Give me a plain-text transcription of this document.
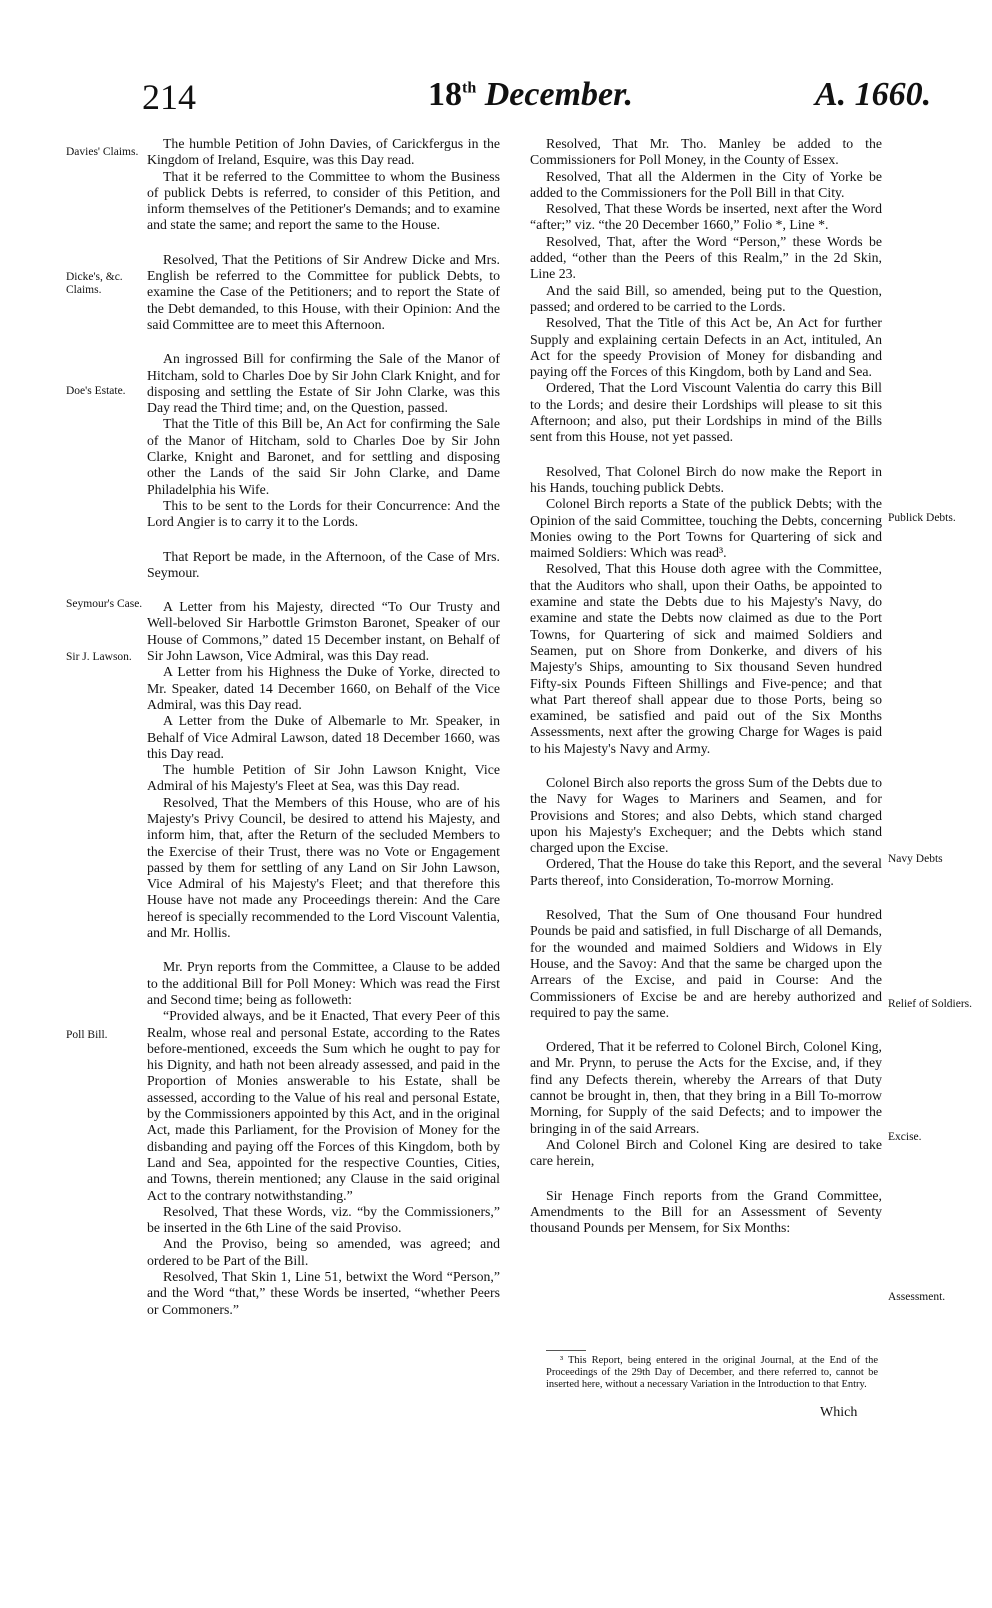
214	18th December.	A. 1660.
Davies' Claims.
Dicke's, &c. Claims.
Doe's Estate.
Seymour's Case.
Sir J. Lawson.
Poll Bill.
Publick Debts.
Navy Debts
Relief of Soldiers.
Excise.
Assessment.

The humble Petition of John Davies, of Carickfergus in the Kingdom of Ireland, Esquire, was this Day read.

That it be referred to the Committee to whom the Business of publick Debts is referred, to consider of this Petition, and inform themselves of the Petitioner's Demands; and to examine and state the same; and report the same to the House.

Resolved, That the Petitions of Sir Andrew Dicke and Mrs. English be referred to the Committee for publick Debts, to examine the Case of the Petitioners; and to report the State of the Debt demanded, to this House, with their Opinion: And the said Committee are to meet this Afternoon.

An ingrossed Bill for confirming the Sale of the Manor of Hitcham, sold to Charles Doe by Sir John Clark Knight, and for disposing and settling the Estate of Sir John Clarke, was this Day read the Third time; and, on the Question, passed.

That the Title of this Bill be, An Act for confirming the Sale of the Manor of Hitcham, sold to Charles Doe by Sir John Clarke, Knight and Baronet, and for settling and disposing other the Lands of the said Sir John Clarke, and Dame Philadelphia his Wife.

This to be sent to the Lords for their Concurrence: And the Lord Angier is to carry it to the Lords.

That Report be made, in the Afternoon, of the Case of Mrs. Seymour.

A Letter from his Majesty, directed “To Our Trusty and Well-beloved Sir Harbottle Grimston Baronet, Speaker of our House of Commons,” dated 15 December instant, on Behalf of Sir John Lawson, Vice Admiral, was this Day read.

A Letter from his Highness the Duke of Yorke, directed to Mr. Speaker, dated 14 December 1660, on Behalf of the Vice Admiral, was this Day read.

A Letter from the Duke of Albemarle to Mr. Speaker, in Behalf of Vice Admiral Lawson, dated 18 December 1660, was this Day read.

The humble Petition of Sir John Lawson Knight, Vice Admiral of his Majesty's Fleet at Sea, was this Day read.

Resolved, That the Members of this House, who are of his Majesty's Privy Council, be desired to attend his Majesty, and inform him, that, after the Return of the secluded Members to the Exercise of their Trust, there was no Vote or Engagement passed by them for settling of any Land on Sir John Lawson, Vice Admiral of his Majesty's Fleet; and that therefore this House have not made any Proceedings therein: And the Care hereof is specially recommended to the Lord Viscount Valentia, and Mr. Hollis.

Mr. Pryn reports from the Committee, a Clause to be added to the additional Bill for Poll Money: Which was read the First and Second time; being as followeth:

“Provided always, and be it Enacted, That every Peer of this Realm, whose real and personal Estate, according to the Rates before-mentioned, exceeds the Sum which he ought to pay for his Dignity, and hath not been already assessed, and paid in the Proportion of Monies answerable to his Estate, shall be assessed, according to the Value of his real and personal Estate, by the Commissioners appointed by this Act, and in the original Act, made this Parliament, for the Provision of Money for the disbanding and paying off the Forces of this Kingdom, both by Land and Sea, appointed for the respective Counties, Cities, and Towns, therein mentioned; any Clause in the said original Act to the contrary notwithstanding.”

Resolved, That these Words, viz. “by the Commissioners,” be inserted in the 6th Line of the said Proviso.

And the Proviso, being so amended, was agreed; and ordered to be Part of the Bill.

Resolved, That Skin 1, Line 51, betwixt the Word “Person,” and the Word “that,” these Words be inserted, “whether Peers or Commoners.”

Resolved, That Mr. Tho. Manley be added to the Commissioners for Poll Money, in the County of Essex.

Resolved, That all the Aldermen in the City of Yorke be added to the Commissioners for the Poll Bill in that City.

Resolved, That these Words be inserted, next after the Word “after;” viz. “the 20 December 1660,” Folio *, Line *.

Resolved, That, after the Word “Person,” these Words be added, “other than the Peers of this Realm,” in the 2d Skin, Line 23.

And the said Bill, so amended, being put to the Question, passed; and ordered to be carried to the Lords.

Resolved, That the Title of this Act be, An Act for further Supply and explaining certain Defects in an Act, intituled, An Act for the speedy Provision of Money for disbanding and paying off the Forces of this Kingdom, both by Land and Sea.

Ordered, That the Lord Viscount Valentia do carry this Bill to the Lords; and desire their Lordships will please to sit this Afternoon; and also, put their Lordships in mind of the Bills sent from this House, not yet passed.

Resolved, That Colonel Birch do now make the Report in his Hands, touching publick Debts.

Colonel Birch reports a State of the publick Debts; with the Opinion of the said Committee, touching the Debts, concerning Monies owing to the Port Towns for Quartering of sick and maimed Soldiers: Which was read³.

Resolved, That this House doth agree with the Committee, that the Auditors who shall, upon their Oaths, be appointed to examine and state the Debts due to his Majesty's Navy, do examine and state the Debts now claimed as due to the Port Towns, for Quartering of sick and maimed Soldiers and Seamen, put on Shore from Donkerke, and divers of his Majesty's Ships, amounting to Six thousand Seven hundred Fifty-six Pounds Fifteen Shillings and Five-pence; and that what Part thereof shall appear due to those Ports, being so examined, be satisfied and paid out of the Six Months Assessments, next after the growing Charge for Wages is paid to his Majesty's Navy and Army.

Colonel Birch also reports the gross Sum of the Debts due to the Navy for Wages to Mariners and Seamen, and for Provisions and Stores; and also Debts, which stand charged upon his Majesty's Exchequer; and the Debts which stand charged upon the Excise.

Ordered, That the House do take this Report, and the several Parts thereof, into Consideration, To-morrow Morning.

Resolved, That the Sum of One thousand Four hundred Pounds be paid and satisfied, in full Discharge of all Demands, for the wounded and maimed Soldiers and Widows in Ely House, and the Savoy: And that the same be charged upon the Arrears of the Excise, and paid in Course: And the Commissioners of Excise be and are hereby authorized and required to pay the same.

Ordered, That it be referred to Colonel Birch, Colonel King, and Mr. Prynn, to peruse the Acts for the Excise, and, if they find any Defects therein, whereby the Arrears of that Duty cannot be brought in, then, that they bring in a Bill To-morrow Morning, for Supply of the said Defects; and to impower the bringing in of the said Arrears.

And Colonel Birch and Colonel King are desired to take care herein,

Sir Henage Finch reports from the Grand Committee, Amendments to the Bill for an Assessment of Seventy thousand Pounds per Mensem, for Six Months:

³ This Report, being entered in the original Journal, at the End of the Proceedings of the 29th Day of December, and there referred to, cannot be inserted here, without a necessary Variation in the Introduction to that Entry.

Which
